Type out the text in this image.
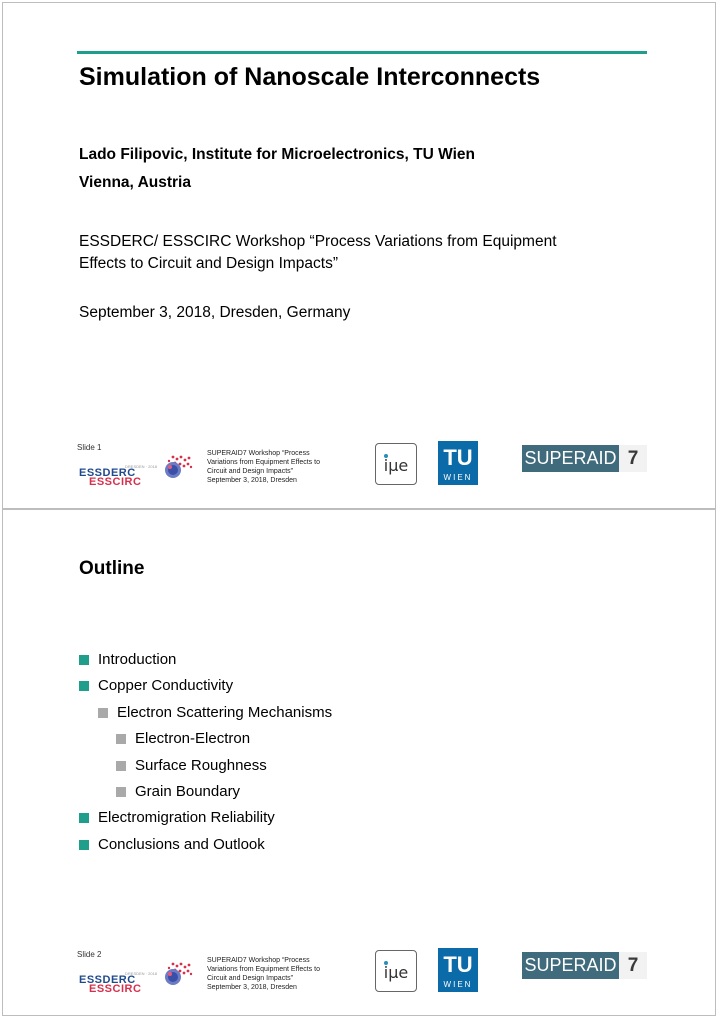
Simulation of Nanoscale Interconnects
Lado Filipovic, Institute for Microelectronics, TU Wien
Vienna, Austria
ESSDERC/ ESSCIRC Workshop “Process Variations from Equipment
Effects to Circuit and Design Impacts”
September 3, 2018, Dresden, Germany
Slide 1
DRESDEN · 2018
ESSDERC
ESSCIRC
SUPERAID7 Workshop “Process
Variations from Equipment Effects to
Circuit and Design Impacts”
September 3, 2018, Dresden
iμe TU
WIEN
SUPERAID 7
Outline
Introduction
Copper Conductivity
Electron Scattering Mechanisms
Electron-Electron
Surface Roughness
Grain Boundary
Electromigration Reliability
Conclusions and Outlook
Slide 2
DRESDEN · 2018
ESSDERC
ESSCIRC
SUPERAID7 Workshop “Process
Variations from Equipment Effects to
Circuit and Design Impacts”
September 3, 2018, Dresden
iμe TU
WIEN
SUPERAID 7
